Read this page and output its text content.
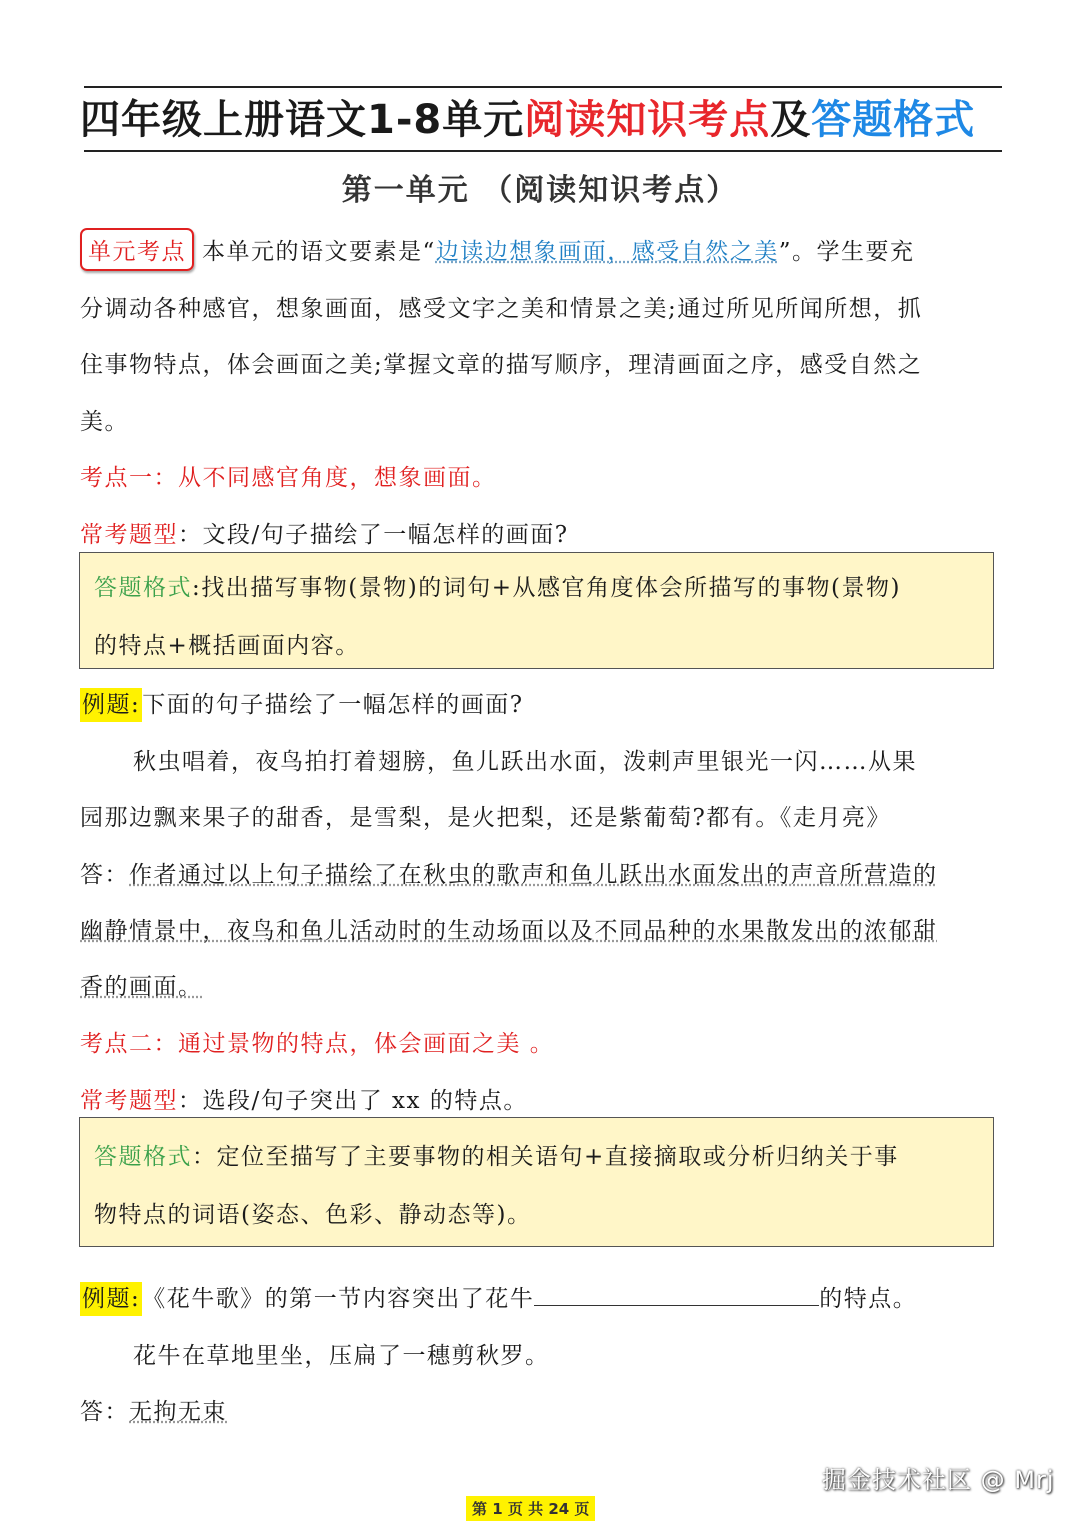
四年级上册语文1-8单元阅读知识考点及答题格式
第一单元 （阅读知识考点）
单元考点 本单元的语文要素是“边读边想象画面，感受自然之美”。学生要充
分调动各种感官，想象画面，感受文字之美和情景之美;通过所见所闻所想，抓
住事物特点，体会画面之美;掌握文章的描写顺序，理清画面之序，感受自然之
美。
考点一：从不同感官角度，想象画面。
常考题型：文段/句子描绘了一幅怎样的画面?
答题格式:找出描写事物(景物)的词句+从感官角度体会所描写的事物(景物)
的特点+概括画面内容。
例题:下面的句子描绘了一幅怎样的画面?
秋虫唱着，夜鸟拍打着翅膀，鱼儿跃出水面，泼剌声里银光一闪……从果
园那边飘来果子的甜香，是雪梨，是火把梨，还是紫葡萄?都有。《走月亮》
答：作者通过以上句子描绘了在秋虫的歌声和鱼儿跃出水面发出的声音所营造的
幽静情景中，夜鸟和鱼儿活动时的生动场面以及不同品种的水果散发出的浓郁甜
香的画面。
考点二：通过景物的特点，体会画面之美 。
常考题型：选段/句子突出了 xx 的特点。
答题格式：定位至描写了主要事物的相关语句+直接摘取或分析归纳关于事
物特点的词语(姿态、色彩、静动态等)。
例题:《花牛歌》的第一节内容突出了花牛	的特点。
花牛在草地里坐，压扁了一穗剪秋罗。
答：无拘无束
掘金技术社区 @ Mrj
第 1 页 共 24 页
